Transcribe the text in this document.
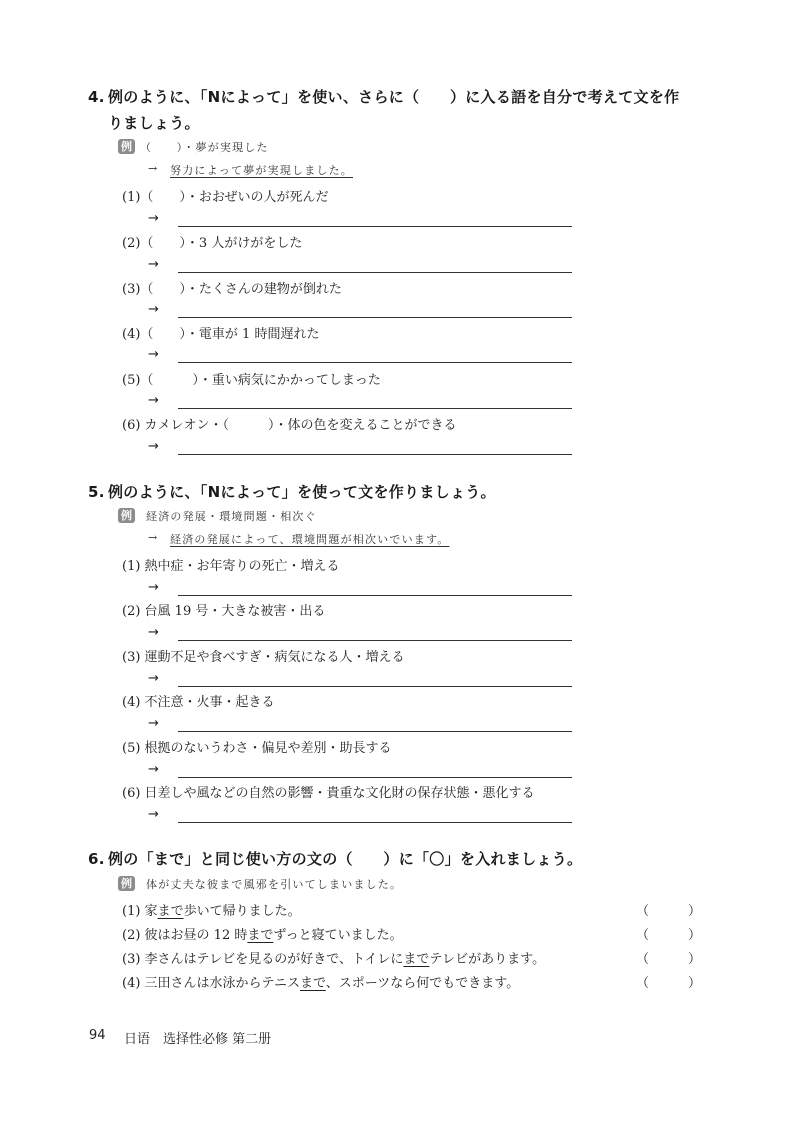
4. 例のように、「Nによって」を使い、さらに（　　）に入る語を自分で考えて文を作
りましょう。
例 （　　）・夢が実現した
→ 努力によって夢が実現しました。
(1)（　　）・おおぜいの人が死んだ
→
(2)（　　）・3 人がけがをした
→
(3)（　　）・たくさんの建物が倒れた
→
(4)（　　）・電車が 1 時間遅れた
→
(5)（　　　）・重い病気にかかってしまった
→
(6) カメレオン・（　　　）・体の色を変えることができる
→
5. 例のように、「Nによって」を使って文を作りましょう。
例 経済の発展・環境問題・相次ぐ
→ 経済の発展によって、環境問題が相次いでいます。
(1) 熱中症・お年寄りの死亡・増える
→
(2) 台風 19 号・大きな被害・出る
→
(3) 運動不足や食べすぎ・病気になる人・増える
→
(4) 不注意・火事・起きる
→
(5) 根拠のないうわさ・偏見や差別・助長する
→
(6) 日差しや風などの自然の影響・貴重な文化財の保存状態・悪化する
→
6. 例の「まで」と同じ使い方の文の（　　）に「〇」を入れましょう。
例 体が丈夫な彼まで風邪を引いてしまいました。
(1) 家まで歩いて帰りました。	（　　　）
(2) 彼はお昼の 12 時までずっと寝ていました。	（　　　）
(3) 李さんはテレビを見るのが好きで、トイレにまでテレビがあります。	（　　　）
(4) 三田さんは水泳からテニスまで、スポーツなら何でもできます。	（　　　）
94 日语　选择性必修 第二册
